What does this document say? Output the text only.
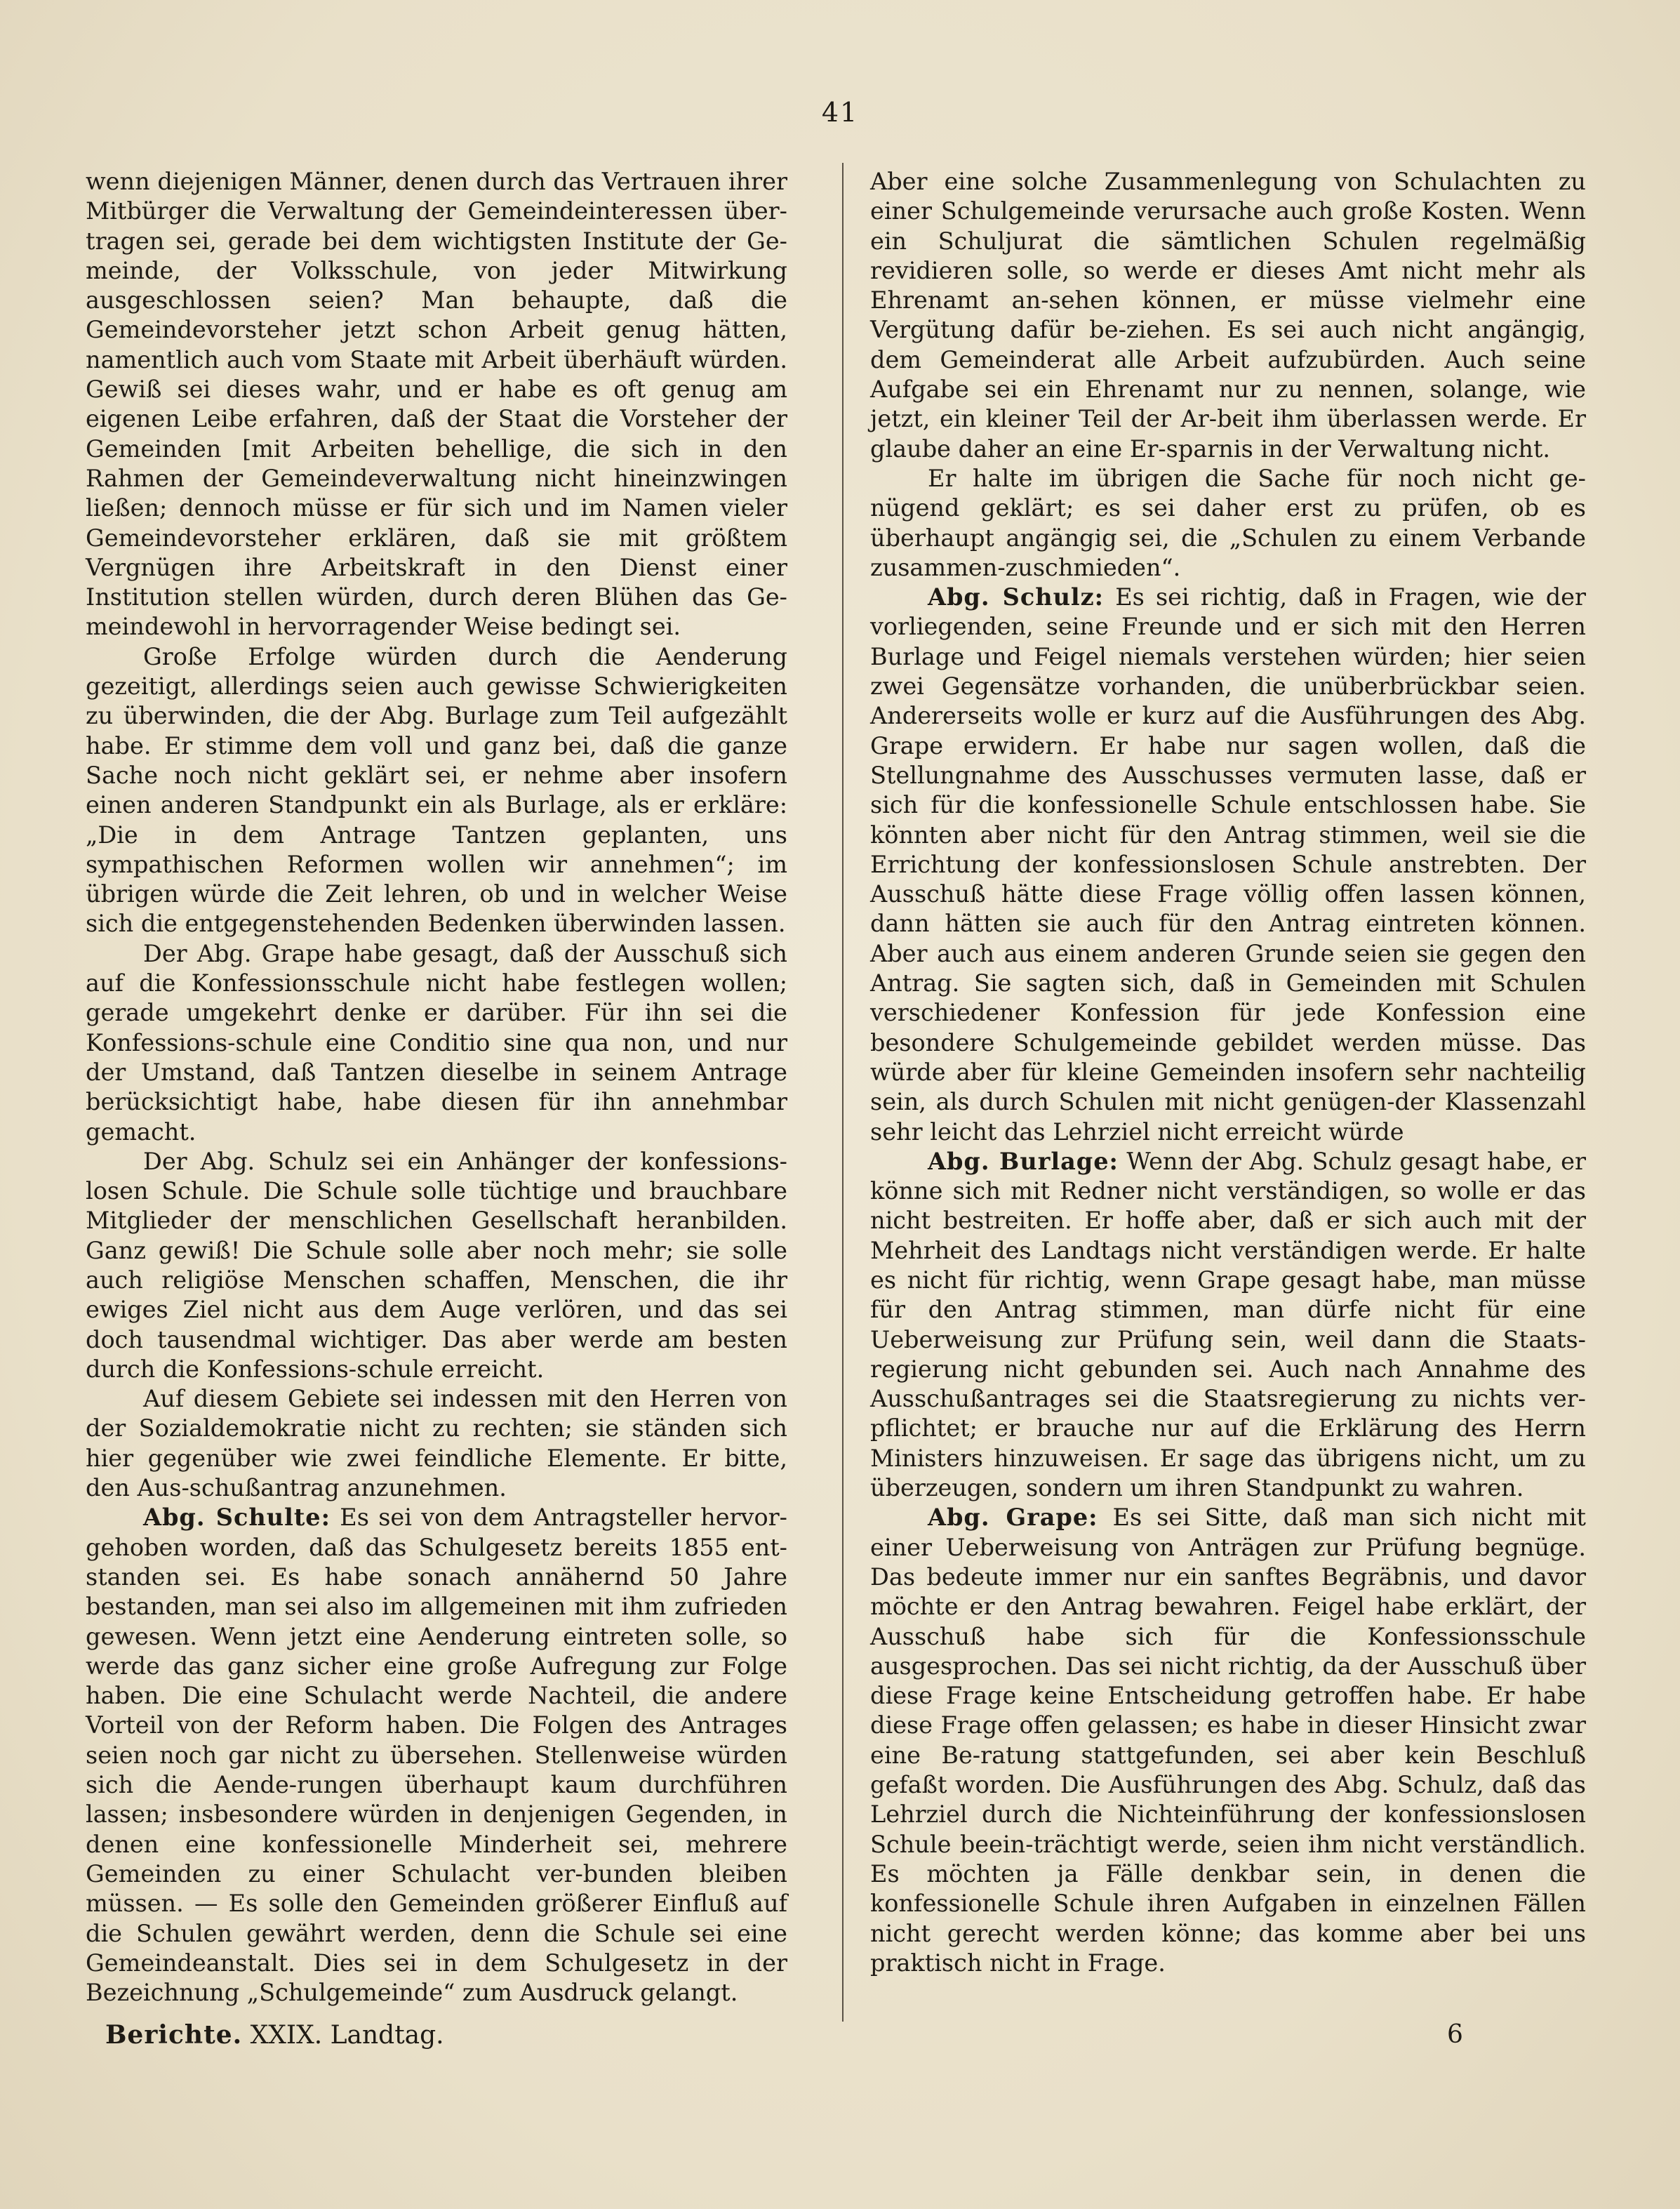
41

wenn diejenigen Männer, denen durch das Vertrauen ihrer Mitbürger die Verwaltung der Gemeindeinteressen über-tragen sei, gerade bei dem wichtigsten Institute der Ge-meinde, der Volksschule, von jeder Mitwirkung ausgeschlossen seien? Man behaupte, daß die Gemeindevorsteher jetzt schon Arbeit genug hätten, namentlich auch vom Staate mit Arbeit überhäuft würden. Gewiß sei dieses wahr, und er habe es oft genug am eigenen Leibe erfahren, daß der Staat die Vorsteher der Gemeinden [mit Arbeiten behellige, die sich in den Rahmen der Gemeindeverwaltung nicht hineinzwingen ließen; dennoch müsse er für sich und im Namen vieler Gemeindevorsteher erklären, daß sie mit größtem Vergnügen ihre Arbeitskraft in den Dienst einer Institution stellen würden, durch deren Blühen das Ge-meindewohl in hervorragender Weise bedingt sei.

Große Erfolge würden durch die Aenderung gezeitigt, allerdings seien auch gewisse Schwierigkeiten zu überwinden, die der Abg. Burlage zum Teil aufgezählt habe. Er stimme dem voll und ganz bei, daß die ganze Sache noch nicht geklärt sei, er nehme aber insofern einen anderen Standpunkt ein als Burlage, als er erkläre: „Die in dem Antrage Tantzen geplanten, uns sympathischen Reformen wollen wir annehmen“; im übrigen würde die Zeit lehren, ob und in welcher Weise sich die entgegenstehenden Bedenken überwinden lassen.

Der Abg. Grape habe gesagt, daß der Ausschuß sich auf die Konfessionsschule nicht habe festlegen wollen; gerade umgekehrt denke er darüber. Für ihn sei die Konfessions-schule eine Conditio sine qua non, und nur der Umstand, daß Tantzen dieselbe in seinem Antrage berücksichtigt habe, habe diesen für ihn annehmbar gemacht.

Der Abg. Schulz sei ein Anhänger der konfessions-losen Schule. Die Schule solle tüchtige und brauchbare Mitglieder der menschlichen Gesellschaft heranbilden. Ganz gewiß! Die Schule solle aber noch mehr; sie solle auch religiöse Menschen schaffen, Menschen, die ihr ewiges Ziel nicht aus dem Auge verlören, und das sei doch tausendmal wichtiger. Das aber werde am besten durch die Konfessions-schule erreicht.

Auf diesem Gebiete sei indessen mit den Herren von der Sozialdemokratie nicht zu rechten; sie ständen sich hier gegenüber wie zwei feindliche Elemente. Er bitte, den Aus-schußantrag anzunehmen.

Abg. Schulte: Es sei von dem Antragsteller hervor-gehoben worden, daß das Schulgesetz bereits 1855 ent-standen sei. Es habe sonach annähernd 50 Jahre bestanden, man sei also im allgemeinen mit ihm zufrieden gewesen. Wenn jetzt eine Aenderung eintreten solle, so werde das ganz sicher eine große Aufregung zur Folge haben. Die eine Schulacht werde Nachteil, die andere Vorteil von der Reform haben. Die Folgen des Antrages seien noch gar nicht zu übersehen. Stellenweise würden sich die Aende-rungen überhaupt kaum durchführen lassen; insbesondere würden in denjenigen Gegenden, in denen eine konfessionelle Minderheit sei, mehrere Gemeinden zu einer Schulacht ver-bunden bleiben müssen. — Es solle den Gemeinden größerer Einfluß auf die Schulen gewährt werden, denn die Schule sei eine Gemeindeanstalt. Dies sei in dem Schulgesetz in der Bezeichnung „Schulgemeinde“ zum Ausdruck gelangt.

Aber eine solche Zusammenlegung von Schulachten zu einer Schulgemeinde verursache auch große Kosten. Wenn ein Schuljurat die sämtlichen Schulen regelmäßig revidieren solle, so werde er dieses Amt nicht mehr als Ehrenamt an-sehen können, er müsse vielmehr eine Vergütung dafür be-ziehen. Es sei auch nicht angängig, dem Gemeinderat alle Arbeit aufzubürden. Auch seine Aufgabe sei ein Ehrenamt nur zu nennen, solange, wie jetzt, ein kleiner Teil der Ar-beit ihm überlassen werde. Er glaube daher an eine Er-sparnis in der Verwaltung nicht.

Er halte im übrigen die Sache für noch nicht ge-nügend geklärt; es sei daher erst zu prüfen, ob es überhaupt angängig sei, die „Schulen zu einem Verbande zusammen-zuschmieden“.

Abg. Schulz: Es sei richtig, daß in Fragen, wie der vorliegenden, seine Freunde und er sich mit den Herren Burlage und Feigel niemals verstehen würden; hier seien zwei Gegensätze vorhanden, die unüberbrückbar seien. Andererseits wolle er kurz auf die Ausführungen des Abg. Grape erwidern. Er habe nur sagen wollen, daß die Stellungnahme des Ausschusses vermuten lasse, daß er sich für die konfessionelle Schule entschlossen habe. Sie könnten aber nicht für den Antrag stimmen, weil sie die Errichtung der konfessionslosen Schule anstrebten. Der Ausschuß hätte diese Frage völlig offen lassen können, dann hätten sie auch für den Antrag eintreten können. Aber auch aus einem anderen Grunde seien sie gegen den Antrag. Sie sagten sich, daß in Gemeinden mit Schulen verschiedener Konfession für jede Konfession eine besondere Schulgemeinde gebildet werden müsse. Das würde aber für kleine Gemeinden insofern sehr nachteilig sein, als durch Schulen mit nicht genügen-der Klassenzahl sehr leicht das Lehrziel nicht erreicht würde

Abg. Burlage: Wenn der Abg. Schulz gesagt habe, er könne sich mit Redner nicht verständigen, so wolle er das nicht bestreiten. Er hoffe aber, daß er sich auch mit der Mehrheit des Landtags nicht verständigen werde. Er halte es nicht für richtig, wenn Grape gesagt habe, man müsse für den Antrag stimmen, man dürfe nicht für eine Ueberweisung zur Prüfung sein, weil dann die Staats-regierung nicht gebunden sei. Auch nach Annahme des Ausschußantrages sei die Staatsregierung zu nichts ver-pflichtet; er brauche nur auf die Erklärung des Herrn Ministers hinzuweisen. Er sage das übrigens nicht, um zu überzeugen, sondern um ihren Standpunkt zu wahren.

Abg. Grape: Es sei Sitte, daß man sich nicht mit einer Ueberweisung von Anträgen zur Prüfung begnüge. Das bedeute immer nur ein sanftes Begräbnis, und davor möchte er den Antrag bewahren. Feigel habe erklärt, der Ausschuß habe sich für die Konfessionsschule ausgesprochen. Das sei nicht richtig, da der Ausschuß über diese Frage keine Entscheidung getroffen habe. Er habe diese Frage offen gelassen; es habe in dieser Hinsicht zwar eine Be-ratung stattgefunden, sei aber kein Beschluß gefaßt worden. Die Ausführungen des Abg. Schulz, daß das Lehrziel durch die Nichteinführung der konfessionslosen Schule beein-trächtigt werde, seien ihm nicht verständlich. Es möchten ja Fälle denkbar sein, in denen die konfessionelle Schule ihren Aufgaben in einzelnen Fällen nicht gerecht werden könne; das komme aber bei uns praktisch nicht in Frage.

Berichte. XXIX. Landtag.	6
